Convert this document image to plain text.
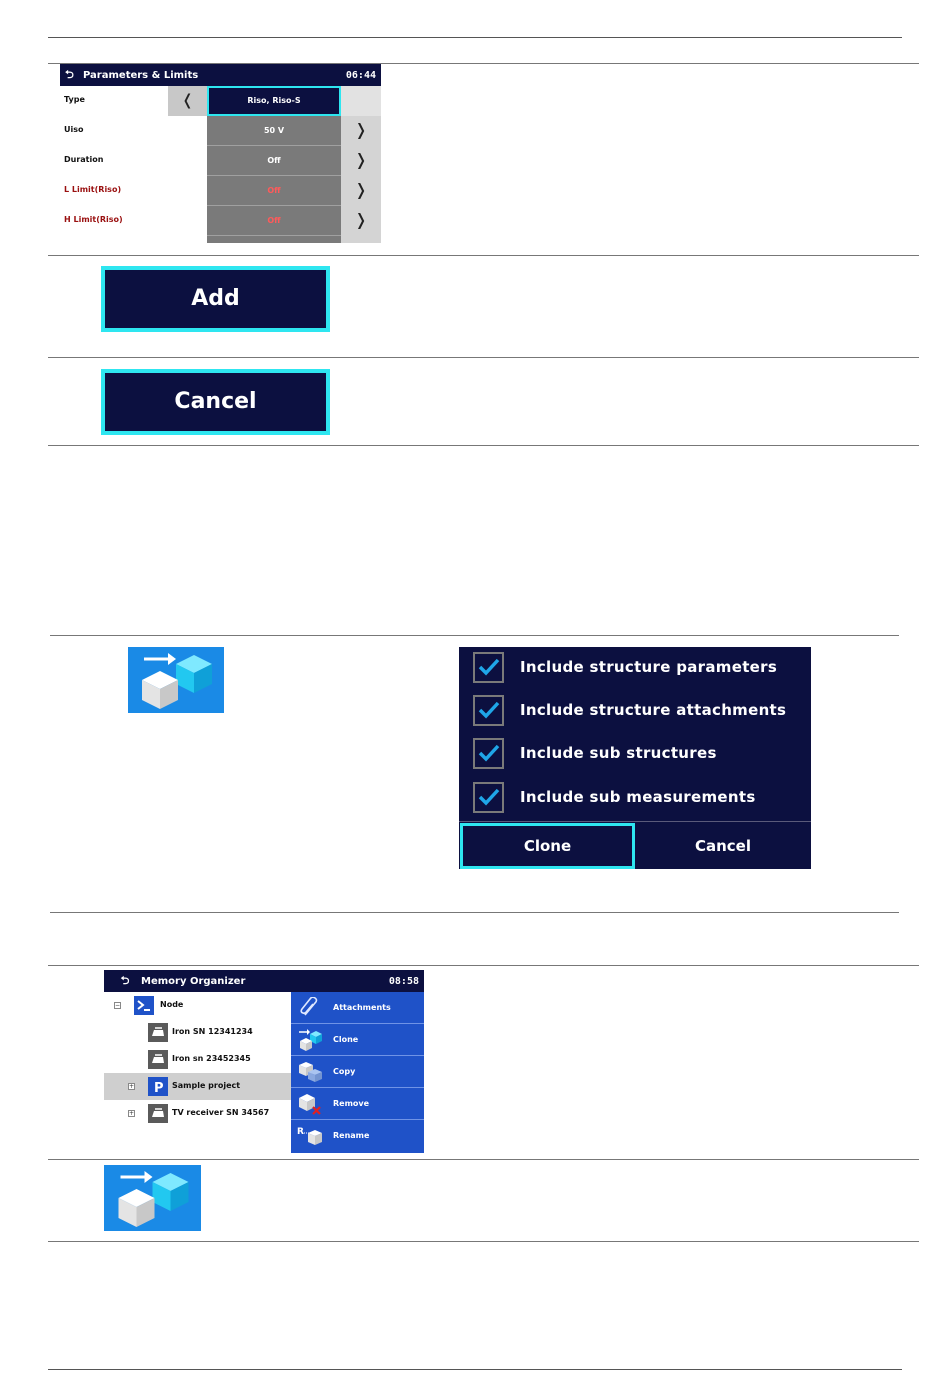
⮌ Parameters & Limits	06:44
Type	❬	Riso, Riso-S
Uiso	50 V	❭
Duration	Off	❭
L Limit(Riso)	Off	❭
H Limit(Riso)	Off	❭
Add
Cancel
Include structure parameters
Include structure attachments
Include sub structures
Include sub measurements
Clone	Cancel
⮌	Memory Organizer	08:58
−	Node
Iron SN 12341234
Iron sn 23452345
+ P Sample project
+	TV receiver SN 34567
Attachments
Clone
Copy
Remove
R	Rename
